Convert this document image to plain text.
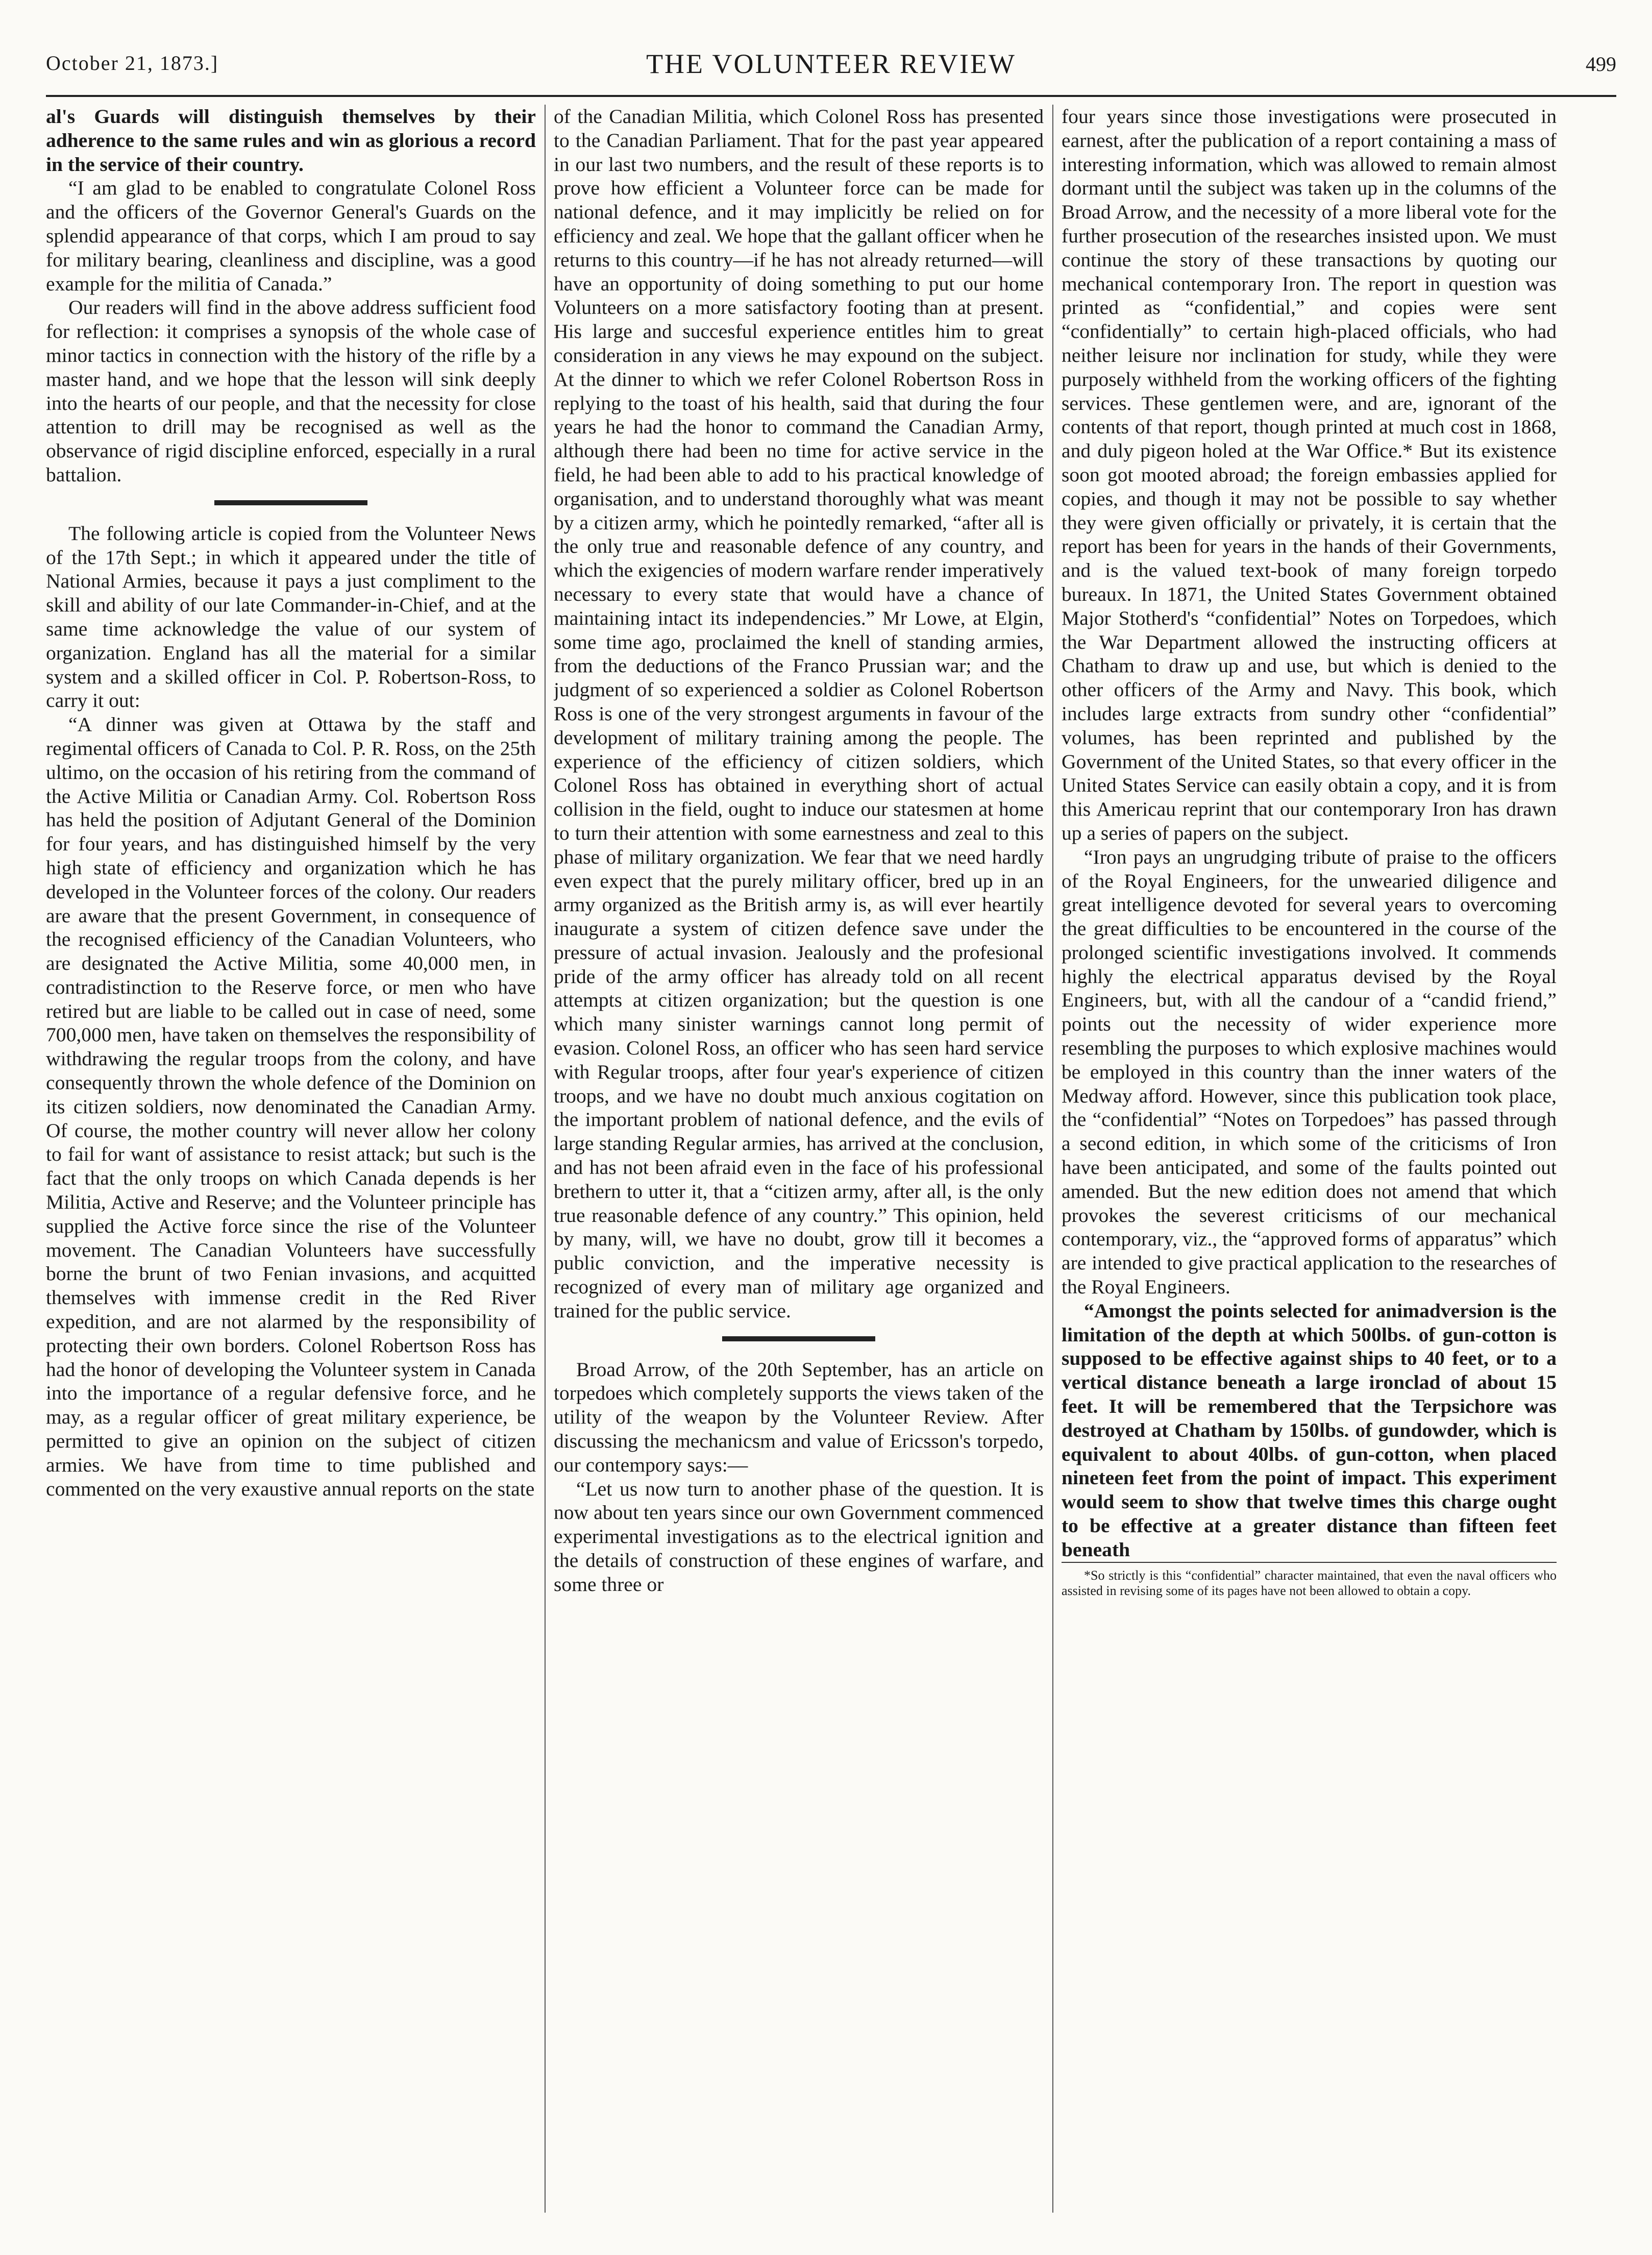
October 21, 1873.]	THE VOLUNTEER REVIEW	499

al's Guards will distinguish themselves by their adherence to the same rules and win as glorious a record in the service of their country.

“I am glad to be enabled to congratulate Colonel Ross and the officers of the Governor General's Guards on the splendid appearance of that corps, which I am proud to say for military bearing, cleanliness and discipline, was a good example for the militia of Canada.”

Our readers will find in the above address sufficient food for reflection: it comprises a synopsis of the whole case of minor tactics in connection with the history of the rifle by a master hand, and we hope that the lesson will sink deeply into the hearts of our people, and that the necessity for close attention to drill may be recognised as well as the observance of rigid discipline enforced, especially in a rural battalion.

The following article is copied from the Volunteer News of the 17th Sept.; in which it appeared under the title of National Armies, because it pays a just compliment to the skill and ability of our late Commander-in-Chief, and at the same time acknowledge the value of our system of organization. England has all the material for a similar system and a skilled officer in Col. P. Robertson-Ross, to carry it out:

“A dinner was given at Ottawa by the staff and regimental officers of Canada to Col. P. R. Ross, on the 25th ultimo, on the occasion of his retiring from the command of the Active Militia or Canadian Army. Col. Robertson Ross has held the position of Adjutant General of the Dominion for four years, and has distinguished himself by the very high state of efficiency and organization which he has developed in the Volunteer forces of the colony. Our readers are aware that the present Government, in consequence of the recognised efficiency of the Canadian Volunteers, who are designated the Active Militia, some 40,000 men, in contradistinction to the Reserve force, or men who have retired but are liable to be called out in case of need, some 700,000 men, have taken on themselves the responsibility of withdrawing the regular troops from the colony, and have consequently thrown the whole defence of the Dominion on its citizen soldiers, now denominated the Canadian Army. Of course, the mother country will never allow her colony to fail for want of assistance to resist attack; but such is the fact that the only troops on which Canada depends is her Militia, Active and Reserve; and the Volunteer principle has supplied the Active force since the rise of the Volunteer movement. The Canadian Volunteers have successfully borne the brunt of two Fenian invasions, and acquitted themselves with immense credit in the Red River expedition, and are not alarmed by the responsibility of protecting their own borders. Colonel Robertson Ross has had the honor of developing the Volunteer system in Canada into the importance of a regular defensive force, and he may, as a regular officer of great military experience, be permitted to give an opinion on the subject of citizen armies. We have from time to time published and commented on the very exaustive annual reports on the state

of the Canadian Militia, which Colonel Ross has presented to the Canadian Parliament. That for the past year appeared in our last two numbers, and the result of these reports is to prove how efficient a Volunteer force can be made for national defence, and it may implicitly be relied on for efficiency and zeal. We hope that the gallant officer when he returns to this country—if he has not already returned—will have an opportunity of doing something to put our home Volunteers on a more satisfactory footing than at present. His large and succesful experience entitles him to great consideration in any views he may expound on the subject. At the dinner to which we refer Colonel Robertson Ross in replying to the toast of his health, said that during the four years he had the honor to command the Canadian Army, although there had been no time for active service in the field, he had been able to add to his practical knowledge of organisation, and to understand thoroughly what was meant by a citizen army, which he pointedly remarked, “after all is the only true and reasonable defence of any country, and which the exigencies of modern warfare render imperatively necessary to every state that would have a chance of maintaining intact its independencies.” Mr Lowe, at Elgin, some time ago, proclaimed the knell of standing armies, from the deductions of the Franco Prussian war; and the judgment of so experienced a soldier as Colonel Robertson Ross is one of the very strongest arguments in favour of the development of military training among the people. The experience of the efficiency of citizen soldiers, which Colonel Ross has obtained in everything short of actual collision in the field, ought to induce our statesmen at home to turn their attention with some earnestness and zeal to this phase of military organization. We fear that we need hardly even expect that the purely military officer, bred up in an army organized as the British army is, as will ever heartily inaugurate a system of citizen defence save under the pressure of actual invasion. Jealously and the profesional pride of the army officer has already told on all recent attempts at citizen organization; but the question is one which many sinister warnings cannot long permit of evasion. Colonel Ross, an officer who has seen hard service with Regular troops, after four year's experience of citizen troops, and we have no doubt much anxious cogitation on the important problem of national defence, and the evils of large standing Regular armies, has arrived at the conclusion, and has not been afraid even in the face of his professional brethern to utter it, that a “citizen army, after all, is the only true reasonable defence of any country.” This opinion, held by many, will, we have no doubt, grow till it becomes a public conviction, and the imperative necessity is recognized of every man of military age organized and trained for the public service.

Broad Arrow, of the 20th September, has an article on torpedoes which completely supports the views taken of the utility of the weapon by the Volunteer Review. After discussing the mechanicsm and value of Ericsson's torpedo, our contempory says:—

“Let us now turn to another phase of the question. It is now about ten years since our own Government commenced experimental investigations as to the electrical ignition and the details of construction of these engines of warfare, and some three or

four years since those investigations were prosecuted in earnest, after the publication of a report containing a mass of interesting information, which was allowed to remain almost dormant until the subject was taken up in the columns of the Broad Arrow, and the necessity of a more liberal vote for the further prosecution of the researches insisted upon. We must continue the story of these transactions by quoting our mechanical contemporary Iron. The report in question was printed as “confidential,” and copies were sent “confidentially” to certain high-placed officials, who had neither leisure nor inclination for study, while they were purposely withheld from the working officers of the fighting services. These gentlemen were, and are, ignorant of the contents of that report, though printed at much cost in 1868, and duly pigeon holed at the War Office.* But its existence soon got mooted abroad; the foreign embassies applied for copies, and though it may not be possible to say whether they were given officially or privately, it is certain that the report has been for years in the hands of their Governments, and is the valued text-book of many foreign torpedo bureaux. In 1871, the United States Government obtained Major Stotherd's “confidential” Notes on Torpedoes, which the War Department allowed the instructing officers at Chatham to draw up and use, but which is denied to the other officers of the Army and Navy. This book, which includes large extracts from sundry other “confidential” volumes, has been reprinted and published by the Government of the United States, so that every officer in the United States Service can easily obtain a copy, and it is from this Americau reprint that our contemporary Iron has drawn up a series of papers on the subject.

“Iron pays an ungrudging tribute of praise to the officers of the Royal Engineers, for the unwearied diligence and great intelligence devoted for several years to overcoming the great difficulties to be encountered in the course of the prolonged scientific investigations involved. It commends highly the electrical apparatus devised by the Royal Engineers, but, with all the candour of a “candid friend,” points out the necessity of wider experience more resembling the purposes to which explosive machines would be employed in this country than the inner waters of the Medway afford. However, since this publication took place, the “confidential” “Notes on Torpedoes” has passed through a second edition, in which some of the criticisms of Iron have been anticipated, and some of the faults pointed out amended. But the new edition does not amend that which provokes the severest criticisms of our mechanical contemporary, viz., the “approved forms of apparatus” which are intended to give practical application to the researches of the Royal Engineers.

“Amongst the points selected for animadversion is the limitation of the depth at which 500lbs. of gun-cotton is supposed to be effective against ships to 40 feet, or to a vertical distance beneath a large ironclad of about 15 feet. It will be remembered that the Terpsichore was destroyed at Chatham by 150lbs. of gundowder, which is equivalent to about 40lbs. of gun-cotton, when placed nineteen feet from the point of impact. This experiment would seem to show that twelve times this charge ought to be effective at a greater distance than fifteen feet beneath

*So strictly is this “confidential” character maintained, that even the naval officers who assisted in revising some of its pages have not been allowed to obtain a copy.
